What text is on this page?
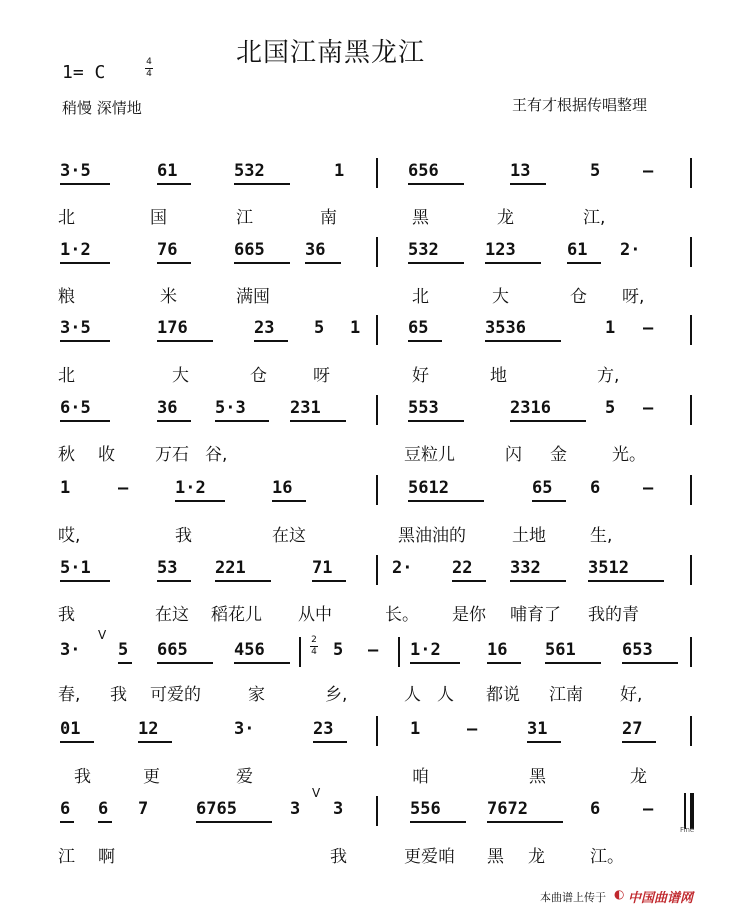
北国江南黑龙江
1= C	4
4
稍慢 深情地	王有才根据传唱整理
3·5	61	532	1	656	13	5	—
北	国	江	南	黑	龙	江,
1·2	76	665 36	532	123	61 2·
粮	米	满囤	北	大	仓 呀,
3·5	176	23 5 1	65	3536	1 —
北	大	仓	呀	好	地	方,
6·5	36 5·3	231	553	2316	5 —
秋 收 万石 谷,	豆粒儿	闪 金	光。
1	—	1·2	16	5612	65 6	—
哎,	我	在这	黑油油的	土地	生,
5·1	53 221	71	2· 22 332	3512
我	在这 稻花儿 从中	长。 是你 哺育了 我的青
3·
V
5 665	456	2
4 5 — 1·2	16 561	653
春, 我 可爱的	家	乡,	人 人 都说 江南 好,
01	12	3·	23	1	—	31	27
我	更	爱	咱	黑	龙
6 6 7	6765	3
V
3	556	7672	6	—
Fine
江 啊	我	更爱咱 黑 龙	江。
本曲谱上传于 ◐ 中国曲谱网
